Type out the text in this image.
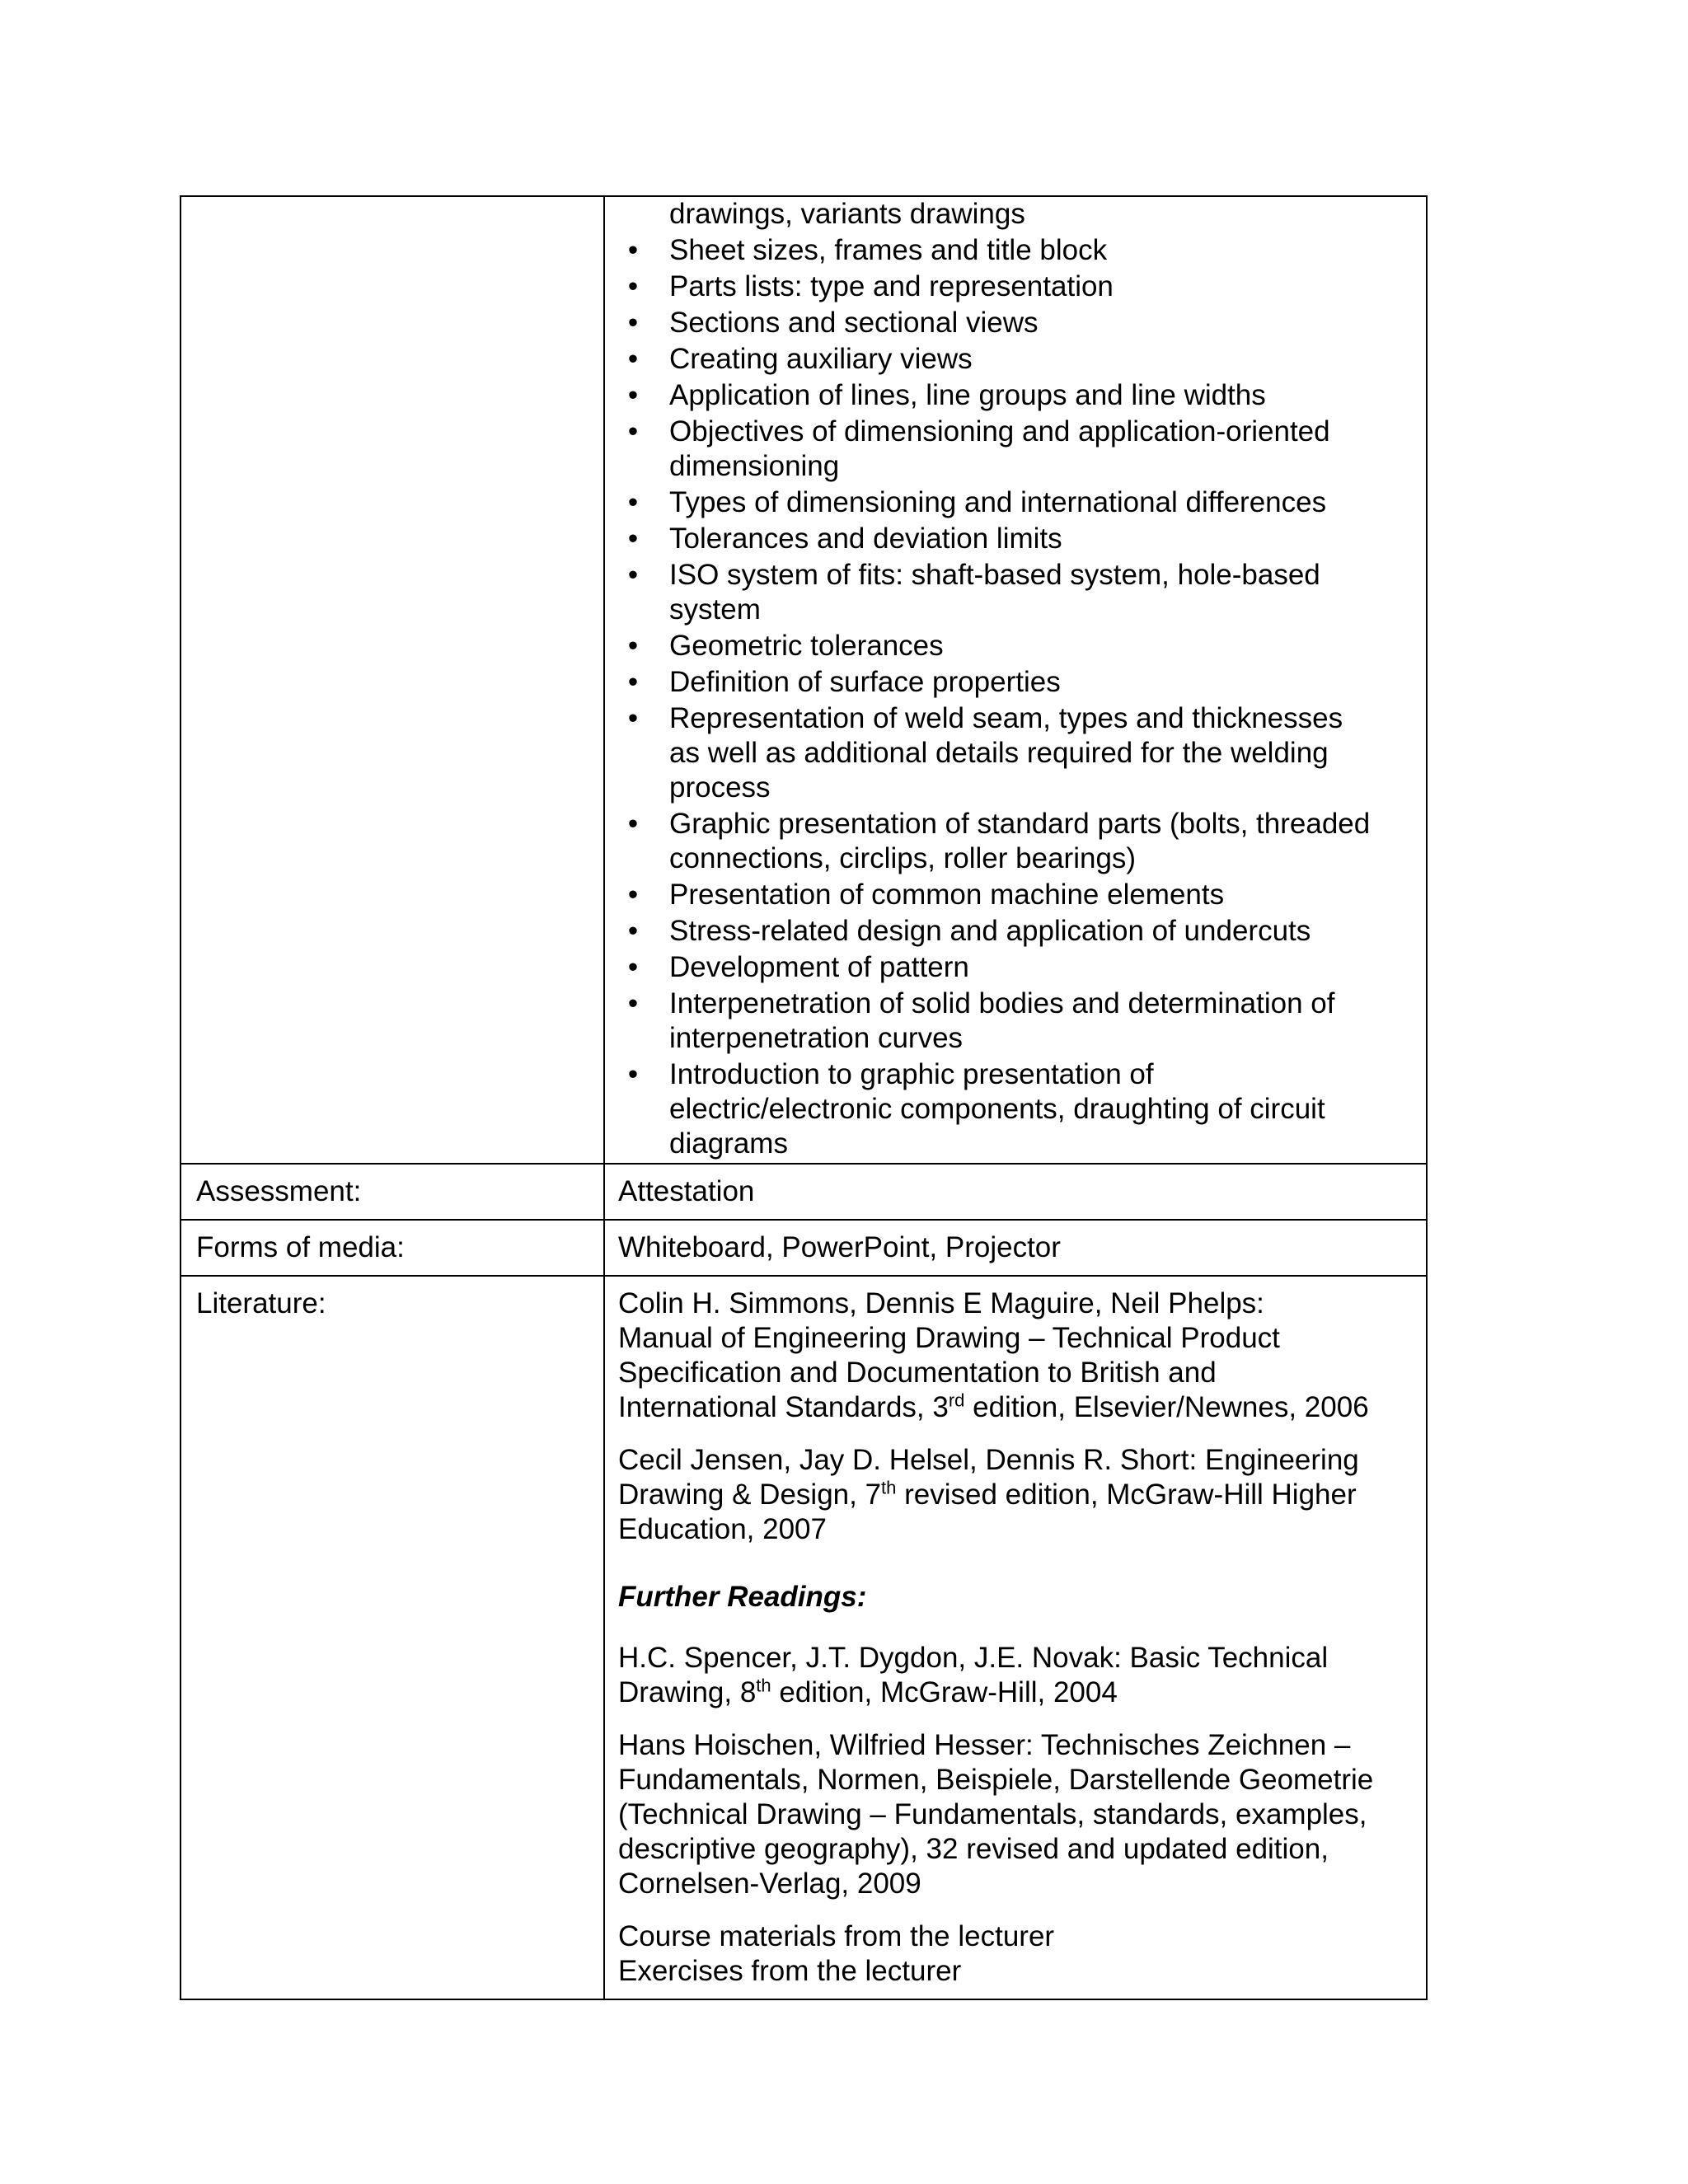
drawings, variants drawings
• Sheet sizes, frames and title block
• Parts lists: type and representation
• Sections and sectional views
• Creating auxiliary views
• Application of lines, line groups and line widths
• Objectives of dimensioning and application-oriented
dimensioning
• Types of dimensioning and international differences
• Tolerances and deviation limits
• ISO system of fits: shaft-based system, hole-based
system
• Geometric tolerances
• Definition of surface properties
• Representation of weld seam, types and thicknesses
as well as additional details required for the welding
process
• Graphic presentation of standard parts (bolts, threaded
connections, circlips, roller bearings)
• Presentation of common machine elements
• Stress-related design and application of undercuts
• Development of pattern
• Interpenetration of solid bodies and determination of
interpenetration curves
• Introduction to graphic presentation of
electric/electronic components, draughting of circuit
diagrams
Assessment:	Attestation
Forms of media:	Whiteboard, PowerPoint, Projector
Literature:	Colin H. Simmons, Dennis E Maguire, Neil Phelps:
Manual of Engineering Drawing – Technical Product
Specification and Documentation to British and
International Standards, 3rd edition, Elsevier/Newnes, 2006
Cecil Jensen, Jay D. Helsel, Dennis R. Short: Engineering
Drawing & Design, 7th revised edition, McGraw-Hill Higher
Education, 2007
Further Readings:
H.C. Spencer, J.T. Dygdon, J.E. Novak: Basic Technical
Drawing, 8th edition, McGraw-Hill, 2004
Hans Hoischen, Wilfried Hesser: Technisches Zeichnen –
Fundamentals, Normen, Beispiele, Darstellende Geometrie
(Technical Drawing – Fundamentals, standards, examples,
descriptive geography), 32 revised and updated edition,
Cornelsen-Verlag, 2009
Course materials from the lecturer
Exercises from the lecturer
